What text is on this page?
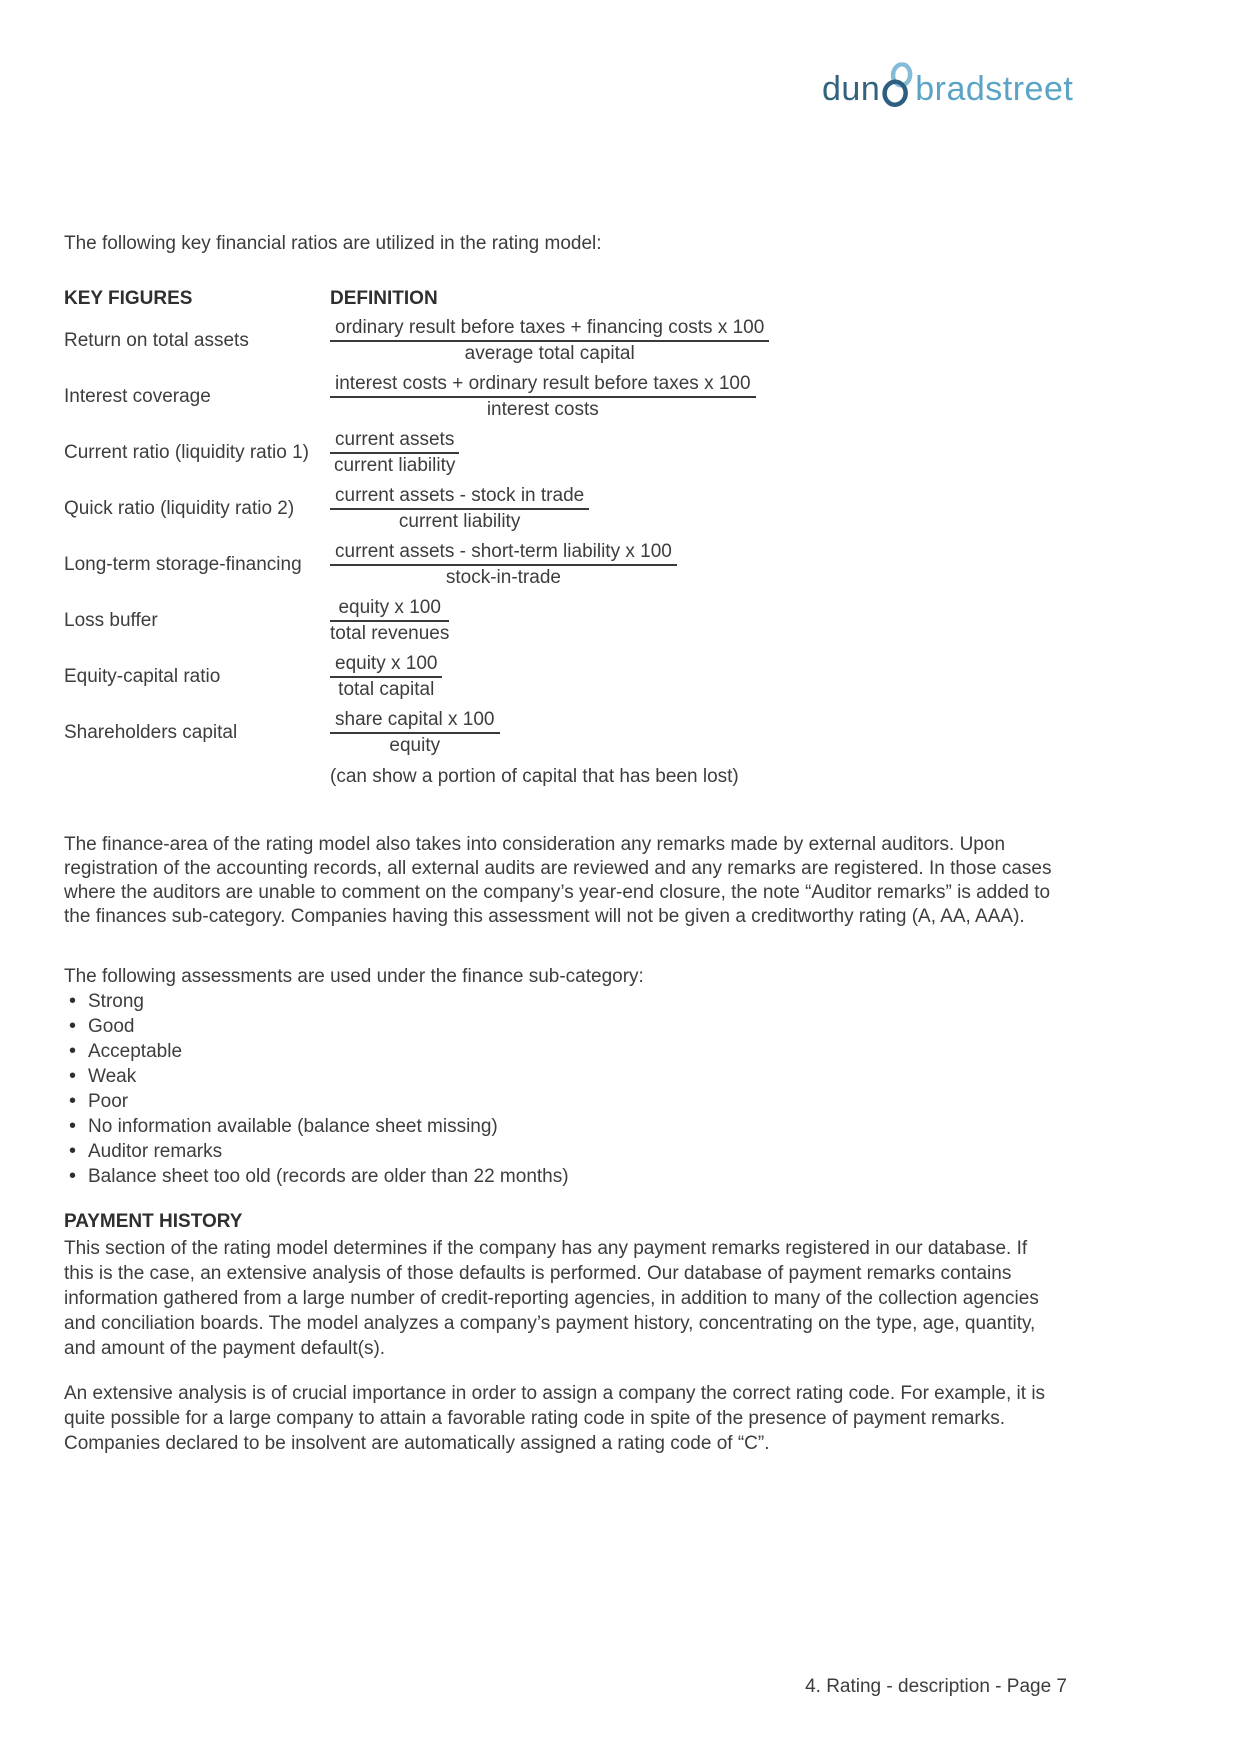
dun bradstreet
The following key financial ratios are utilized in the rating model:
KEY FIGURES	DEFINITION
Return on total assets	$\frac{\text{ordinary result before taxes + financing costs x 100}}{\text{average total capital}}$
Interest coverage	$\frac{\text{interest costs + ordinary result before taxes x 100}}{\text{interest costs}}$
Current ratio (liquidity ratio 1)	$\frac{\text{current assets}}{\text{current liability}}$
Quick ratio (liquidity ratio 2)	$\frac{\text{current assets - stock in trade}}{\text{current liability}}$
Long-term storage-financing	$\frac{\text{current assets - short-term liability x 100}}{\text{stock-in-trade}}$
Loss buffer	$\frac{\text{equity x 100}}{\text{total revenues}}$
Equity-capital ratio	$\frac{\text{equity x 100}}{\text{total capital}}$
Shareholders capital	$\frac{\text{share capital x 100}}{\text{equity}}$
(can show a portion of capital that has been lost)
The finance-area of the rating model also takes into consideration any remarks made by external auditors. Upon registration of the accounting records, all external audits are reviewed and any remarks are registered. In those cases where the auditors are unable to comment on the company’s year-end closure, the note “Auditor remarks” is added to the finances sub-category. Companies having this assessment will not be given a creditworthy rating (A, AA, AAA).
The following assessments are used under the finance sub-category:
• Strong
• Good
• Acceptable
• Weak
• Poor
• No information available (balance sheet missing)
• Auditor remarks
• Balance sheet too old (records are older than 22 months)
PAYMENT HISTORY
This section of the rating model determines if the company has any payment remarks registered in our database. If this is the case, an extensive analysis of those defaults is performed. Our database of payment remarks contains information gathered from a large number of credit-reporting agencies, in addition to many of the collection agencies and conciliation boards. The model analyzes a company’s payment history, concentrating on the type, age, quantity, and amount of the payment default(s).
An extensive analysis is of crucial importance in order to assign a company the correct rating code. For example, it is quite possible for a large company to attain a favorable rating code in spite of the presence of payment remarks. Companies declared to be insolvent are automatically assigned a rating code of “C”.
4. Rating - description - Page 7
